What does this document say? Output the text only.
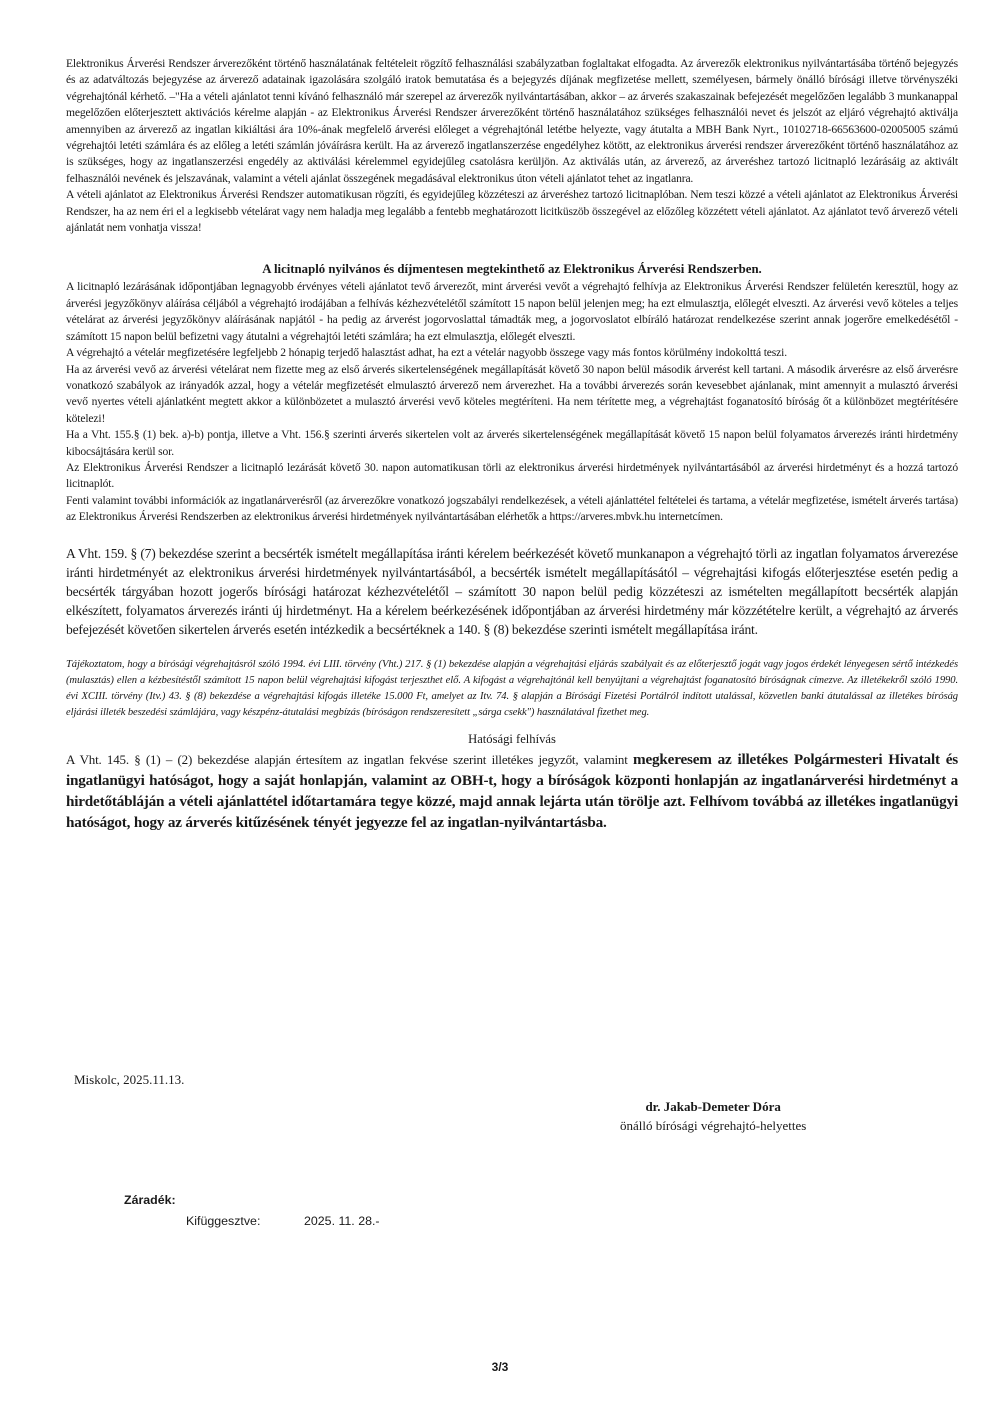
Elektronikus Árverési Rendszer árverezőként történő használatának feltételeit rögzítő felhasználási szabályzatban foglaltakat elfogadta. Az árverezők elektronikus nyilvántartásába történő bejegyzés és az adatváltozás bejegyzése az árverező adatainak igazolására szolgáló iratok bemutatása és a bejegyzés díjának megfizetése mellett, személyesen, bármely önálló bírósági illetve törvényszéki végrehajtónál kérhető. –"Ha a vételi ajánlatot tenni kívánó felhasználó már szerepel az árverezők nyilvántartásában, akkor – az árverés szakaszainak befejezését megelőzően legalább 3 munkanappal megelőzően előterjesztett aktivációs kérelme alapján - az Elektronikus Árverési Rendszer árverezőként történő használatához szükséges felhasználói nevet és jelszót az eljáró végrehajtó aktiválja amennyiben az árverező az ingatlan kikiáltási ára 10%-ának megfelelő árverési előleget a végrehajtónál letétbe helyezte, vagy átutalta a MBH Bank Nyrt., 10102718-66563600-02005005 számú végrehajtói letéti számlára és az előleg a letéti számlán jóváírásra került. Ha az árverező ingatlanszerzése engedélyhez kötött, az elektronikus árverési rendszer árverezőként történő használatához az is szükséges, hogy az ingatlanszerzési engedély az aktiválási kérelemmel egyidejűleg csatolásra kerüljön. Az aktiválás után, az árverező, az árveréshez tartozó licitnapló lezárásáig az aktivált felhasználói nevének és jelszavának, valamint a vételi ajánlat összegének megadásával elektronikus úton vételi ajánlatot tehet az ingatlanra.

A vételi ajánlatot az Elektronikus Árverési Rendszer automatikusan rögzíti, és egyidejűleg közzéteszi az árveréshez tartozó licitnaplóban. Nem teszi közzé a vételi ajánlatot az Elektronikus Árverési Rendszer, ha az nem éri el a legkisebb vételárat vagy nem haladja meg legalább a fentebb meghatározott licitküszöb összegével az előzőleg közzétett vételi ajánlatot. Az ajánlatot tevő árverező vételi ajánlatát nem vonhatja vissza!

A licitnapló nyilvános és díjmentesen megtekinthető az Elektronikus Árverési Rendszerben.

A licitnapló lezárásának időpontjában legnagyobb érvényes vételi ajánlatot tevő árverezőt, mint árverési vevőt a végrehajtó felhívja az Elektronikus Árverési Rendszer felületén keresztül, hogy az árverési jegyzőkönyv aláírása céljából a végrehajtó irodájában a felhívás kézhezvételétől számított 15 napon belül jelenjen meg; ha ezt elmulasztja, előlegét elveszti. Az árverési vevő köteles a teljes vételárat az árverési jegyzőkönyv aláírásának napjától - ha pedig az árverést jogorvoslattal támadták meg, a jogorvoslatot elbíráló határozat rendelkezése szerint annak jogerőre emelkedésétől - számított 15 napon belül befizetni vagy átutalni a végrehajtói letéti számlára; ha ezt elmulasztja, előlegét elveszti.

A végrehajtó a vételár megfizetésére legfeljebb 2 hónapig terjedő halasztást adhat, ha ezt a vételár nagyobb összege vagy más fontos körülmény indokolttá teszi.

Ha az árverési vevő az árverési vételárat nem fizette meg az első árverés sikertelenségének megállapítását követő 30 napon belül második árverést kell tartani. A második árverésre az első árverésre vonatkozó szabályok az irányadók azzal, hogy a vételár megfizetését elmulasztó árverező nem árverezhet. Ha a további árverezés során kevesebbet ajánlanak, mint amennyit a mulasztó árverési vevő nyertes vételi ajánlatként megtett akkor a különbözetet a mulasztó árverési vevő köteles megtéríteni. Ha nem térítette meg, a végrehajtást foganatosító bíróság őt a különbözet megtérítésére kötelezi!

Ha a Vht. 155.§ (1) bek. a)-b) pontja, illetve a Vht. 156.§ szerinti árverés sikertelen volt az árverés sikertelenségének megállapítását követő 15 napon belül folyamatos árverezés iránti hirdetmény kibocsájtására kerül sor.

Az Elektronikus Árverési Rendszer a licitnapló lezárását követő 30. napon automatikusan törli az elektronikus árverési hirdetmények nyilvántartásából az árverési hirdetményt és a hozzá tartozó licitnaplót.

Fenti valamint további információk az ingatlanárverésről (az árverezőkre vonatkozó jogszabályi rendelkezések, a vételi ajánlattétel feltételei és tartama, a vételár megfizetése, ismételt árverés tartása) az Elektronikus Árverési Rendszerben az elektronikus árverési hirdetmények nyilvántartásában elérhetők a https://arveres.mbvk.hu internetcímen.

A Vht. 159. § (7) bekezdése szerint a becsérték ismételt megállapítása iránti kérelem beérkezését követő munkanapon a végrehajtó törli az ingatlan folyamatos árverezése iránti hirdetményét az elektronikus árverési hirdetmények nyilvántartásából, a becsérték ismételt megállapításától – végrehajtási kifogás előterjesztése esetén pedig a becsérték tárgyában hozott jogerős bírósági határozat kézhezvételétől – számított 30 napon belül pedig közzéteszi az ismételten megállapított becsérték alapján elkészített, folyamatos árverezés iránti új hirdetményt. Ha a kérelem beérkezésének időpontjában az árverési hirdetmény már közzétételre került, a végrehajtó az árverés befejezését követően sikertelen árverés esetén intézkedik a becsértéknek a 140. § (8) bekezdése szerinti ismételt megállapítása iránt.

Tájékoztatom, hogy a bírósági végrehajtásról szóló 1994. évi LIII. törvény (Vht.) 217. § (1) bekezdése alapján a végrehajtási eljárás szabályait és az előterjesztő jogát vagy jogos érdekét lényegesen sértő intézkedés (mulasztás) ellen a kézbesítéstől számított 15 napon belül végrehajtási kifogást terjeszthet elő. A kifogást a végrehajtónál kell benyújtani a végrehajtást foganatosító bíróságnak címezve. Az illetékekről szóló 1990. évi XCIII. törvény (Itv.) 43. § (8) bekezdése a végrehajtási kifogás illetéke 15.000 Ft, amelyet az Itv. 74. § alapján a Bírósági Fizetési Portálról indított utalással, közvetlen banki átutalással az illetékes bíróság eljárási illeték beszedési számlájára, vagy készpénz-átutalási megbízás (bíróságon rendszeresített „sárga csekk") használatával fizethet meg.

Hatósági felhívás

A Vht. 145. § (1) – (2) bekezdése alapján értesítem az ingatlan fekvése szerint illetékes jegyzőt, valamint megkeresem az illetékes Polgármesteri Hivatalt és ingatlanügyi hatóságot, hogy a saját honlapján, valamint az OBH-t, hogy a bíróságok központi honlapján az ingatlanárverési hirdetményt a hirdetőtábláján a vételi ajánlattétel időtartamára tegye közzé, majd annak lejárta után törölje azt. Felhívom továbbá az illetékes ingatlanügyi hatóságot, hogy az árverés kitűzésének tényét jegyezze fel az ingatlan-nyilvántartásba.

Miskolc, 2025.11.13.
dr. Jakab-Demeter Dóra
önálló bírósági végrehajtó-helyettes
Záradék:
Kifüggesztve:	2025. 11. 28.-
3/3
